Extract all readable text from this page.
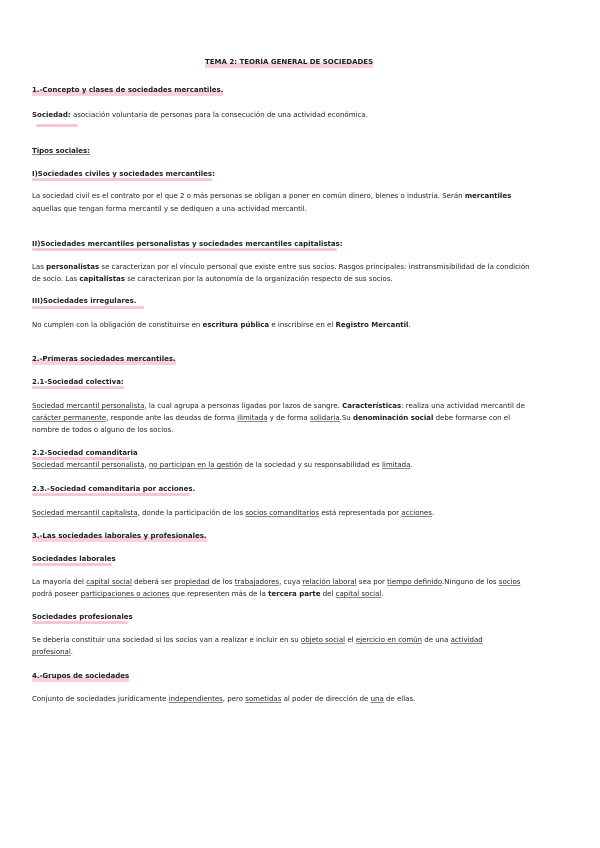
TEMA 2: TEORÍA GENERAL DE SOCIEDADES
1.-Concepto y clases de sociedades mercantiles.
Sociedad: asociación voluntaria de personas para la consecución de una actividad económica.
Tipos sociales:
I)Sociedades civiles y sociedades mercantiles:
La sociedad civil es el contrato por el que 2 o más personas se obligan a poner en común dinero, bienes o industria. Serán mercantiles
aquellas que tengan forma mercantil y se dediquen a una actividad mercantil.
II)Sociedades mercantiles personalistas y sociedades mercantiles capitalistas:
Las personalistas se caracterizan por el vínculo personal que existe entre sus socios. Rasgos principales: instransmisibilidad de la condición
de socio. Las capitalistas se caracterizan por la autonomía de la organización respecto de sus socios.
III)Sociedades irregulares.
No cumplen con la obligación de constituirse en escritura pública e inscribirse en el Registro Mercantil.
2.-Primeras sociedades mercantiles.
2.1-Sociedad colectiva:
Sociedad mercantil personalista, la cual agrupa a personas ligadas por lazos de sangre. Características: realiza una actividad mercantil de
carácter permanente, responde ante las deudas de forma ilimitada y de forma solidaria.Su denominación social debe formarse con el
nombre de todos o alguno de los socios.
2.2-Sociedad comanditaria
Sociedad mercantil personalista, no participan en la gestión de la sociedad y su responsabilidad es limitada.
2.3.-Sociedad comanditaria por acciones.
Sociedad mercantil capitalista, donde la participación de los socios comanditarios está representada por acciones.
3.-Las sociedades laborales y profesionales.
Sociedades laborales
La mayoría del capital social deberá ser propiedad de los trabajadores, cuya relación laboral sea por tiempo definido.Ninguno de los socios
podrá poseer participaciones o aciones que representen más de la tercera parte del capital social.
Sociedades profesionales
Se debería constituir una sociedad si los socios van a realizar e incluir en su objeto social el ejercicio en común de una actividad
profesional.
4.-Grupos de sociedades
Conjunto de sociedades jurídicamente independientes, pero sometidas al poder de dirección de una de ellas.
